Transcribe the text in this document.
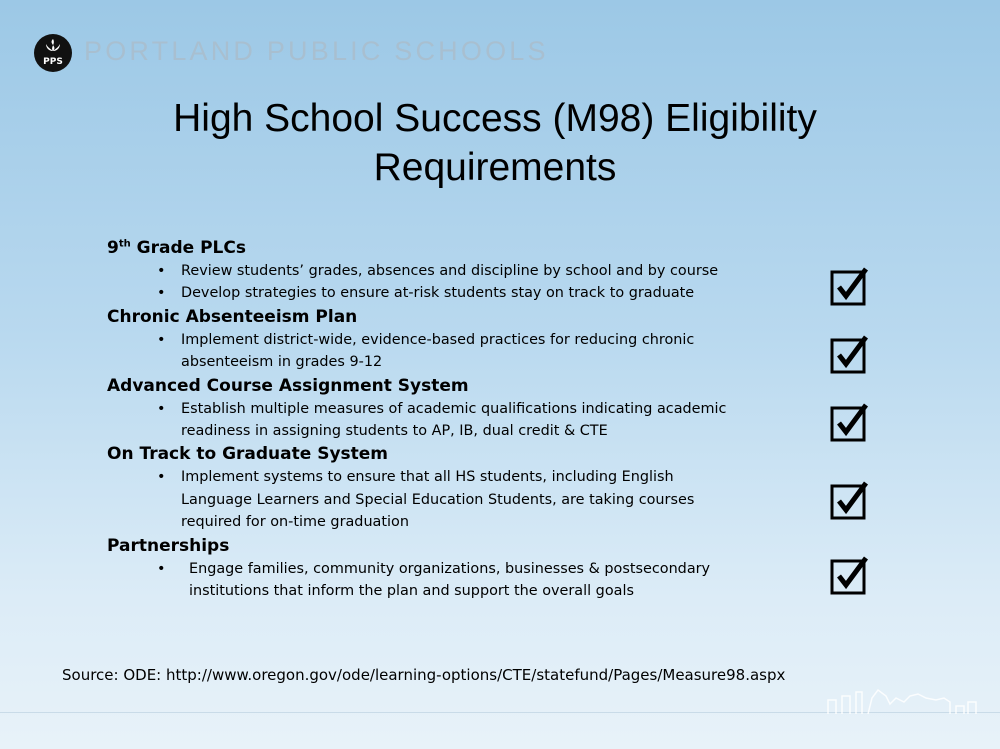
PPS PORTLAND PUBLIC SCHOOLS
High School Success (M98) Eligibility
Requirements

9th Grade PLCs

• Review students’ grades, absences and discipline by school and by course
• Develop strategies to ensure at-risk students stay on track to graduate

Chronic Absenteeism Plan

• Implement district-wide, evidence-based practices for reducing chronic absenteeism in grades 9-12

Advanced Course Assignment System

• Establish multiple measures of academic qualifications indicating academic readiness in assigning students to AP, IB, dual credit & CTE

On Track to Graduate System

• Implement systems to ensure that all HS students, including English Language Learners and Special Education Students, are taking courses required for on-time graduation

Partnerships

• Engage families, community organizations, businesses & postsecondary institutions that inform the plan and support the overall goals
Source: ODE: http://www.oregon.gov/ode/learning-options/CTE/statefund/Pages/Measure98.aspx
